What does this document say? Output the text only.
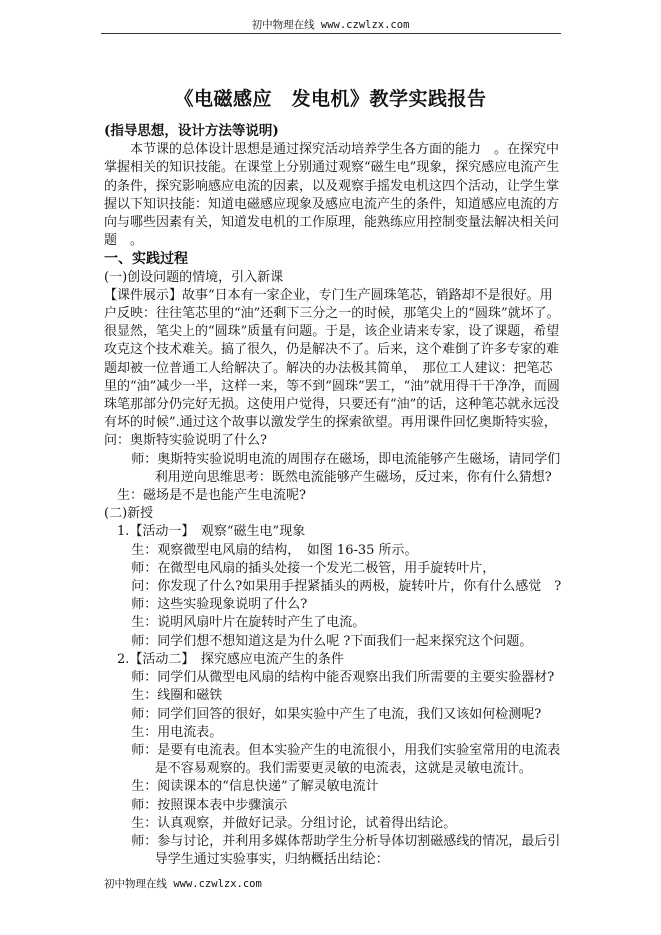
初中物理在线 www.czwlzx.com
《电磁感应　发电机》教学实践报告

(指导思想，设计方法等说明)

本节课的总体设计思想是通过探究活动培养学生各方面的能力　。在探究中掌握相关的知识技能。在课堂上分别通过观察“磁生电”现象，探究感应电流产生的条件，探究影响感应电流的因素，以及观察手摇发电机这四个活动，让学生掌握以下知识技能：知道电磁感应现象及感应电流产生的条件，知道感应电流的方向与哪些因素有关，知道发电机的工作原理，能熟练应用控制变量法解决相关问题　。

一、实践过程

(一)创设问题的情境，引入新课

【课件展示】故事“日本有一家企业，专门生产圆珠笔芯，销路却不是很好。用户反映：往往笔芯里的“油”还剩下三分之一的时候，那笔尖上的“圆珠”就坏了。很显然，笔尖上的“圆珠”质量有问题。于是，该企业请来专家，设了课题，希望攻克这个技术难关。搞了很久，仍是解决不了。后来，这个难倒了许多专家的难题却被一位普通工人给解决了。解决的办法极其简单，　那位工人建议：把笔芯里的“油”减少一半，这样一来，等不到“圆珠”罢工，“油”就用得干干净净，而圆珠笔那部分仍完好无损。这使用户觉得，只要还有“油”的话，这种笔芯就永远没有坏的时候”.通过这个故事以激发学生的探索欲望。再用课件回忆奥斯特实验，问：奥斯特实验说明了什么?

师：奥斯特实验说明电流的周围存在磁场，即电流能够产生磁场，请同学们利用逆向思维思考：既然电流能够产生磁场，反过来，你有什么猜想?

生：磁场是不是也能产生电流呢?

(二)新授

1.【活动一】　观察“磁生电”现象

生：观察微型电风扇的结构，　如图 16-35 所示。

师：在微型电风扇的插头处接一个发光二极管，用手旋转叶片，

问：你发现了什么?如果用手捏紧插头的两极，旋转叶片，你有什么感觉　?

师：这些实验现象说明了什么?

生：说明风扇叶片在旋转时产生了电流。

师：同学们想不想知道这是为什么呢 ?下面我们一起来探究这个问题。

2.【活动二】　探究感应电流产生的条件

师：同学们从微型电风扇的结构中能否观察出我们所需要的主要实验器材?

生：线圈和磁铁

师：同学们回答的很好，如果实验中产生了电流，我们又该如何检测呢?

生：用电流表。

师：是要有电流表。但本实验产生的电流很小，用我们实验室常用的电流表是不容易观察的。我们需要更灵敏的电流表，这就是灵敏电流计。

生：阅读课本的“信息快递”了解灵敏电流计

师：按照课本表中步骤演示

生：认真观察，并做好记录。分组讨论，试着得出结论。

师：参与讨论，并利用多媒体帮助学生分析导体切割磁感线的情况，最后引导学生通过实验事实，归纳概括出结论：

初中物理在线 www.czwlzx.com
